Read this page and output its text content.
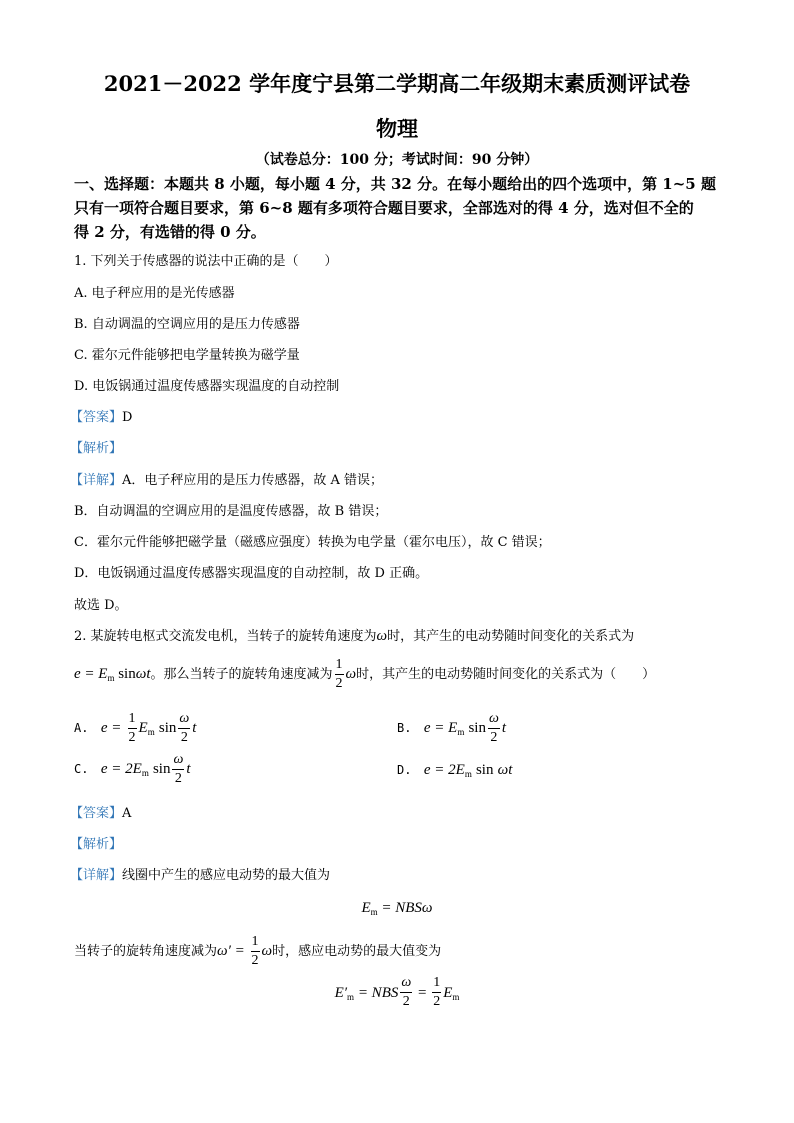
2021－2022 学年度宁县第二学期高二年级期末素质测评试卷
物理
（试卷总分：100 分；考试时间：90 分钟）
一、选择题：本题共 8 小题，每小题 4 分，共 32 分。在每小题给出的四个选项中，第 1~5 题
只有一项符合题目要求，第 6~8 题有多项符合题目要求，全部选对的得 4 分，选对但不全的
得 2 分，有选错的得 0 分。
1. 下列关于传感器的说法中正确的是（　　）
A. 电子秤应用的是光传感器
B. 自动调温的空调应用的是压力传感器
C. 霍尔元件能够把电学量转换为磁学量
D. 电饭锅通过温度传感器实现温度的自动控制
【答案】D
【解析】
【详解】A．电子秤应用的是压力传感器，故 A 错误；
B．自动调温的空调应用的是温度传感器，故 B 错误；
C．霍尔元件能够把磁学量（磁感应强度）转换为电学量（霍尔电压），故 C 错误；
D．电饭锅通过温度传感器实现温度的自动控制，故 D 正确。
故选 D。
2. 某旋转电枢式交流发电机，当转子的旋转角速度为ω时，其产生的电动势随时间变化的关系式为
$e = E_m$ sinωt。那么当转子的旋转角速度减为 $\frac{1}{2}$ ω时，其产生的电动势随时间变化的关系式为（　　）
A. $e = \frac{1}{2} E_m$ $\sin \frac{\omega}{2}$ t	B. $e = E_m$ $\sin \frac{\omega}{2}$ t
C. $e = 2E_m$ $\sin \frac{\omega}{2}$ t	D. $e = 2E_m$ sin ωt
【答案】A
【解析】
【详解】线圈中产生的感应电动势的最大值为
$E_m = NBS\omega$
当转子的旋转角速度减为$\omega' = \frac{1}{2}$ ω时，感应电动势的最大值变为
$E'_m$ = NBS $\frac{\omega}{2} = \frac{1}{2} E_m$
